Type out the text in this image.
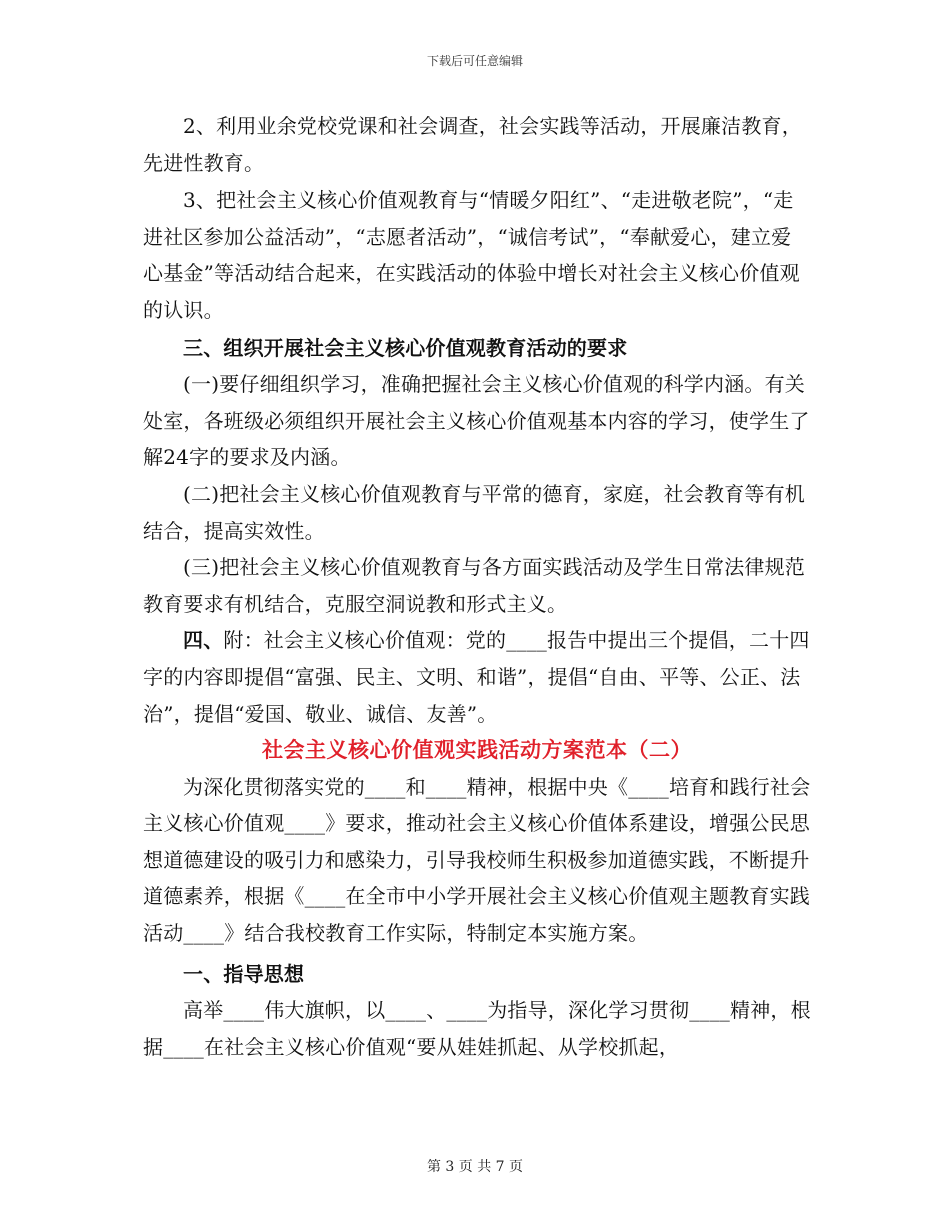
下载后可任意编辑

2、利用业余党校党课和社会调查，社会实践等活动，开展廉洁教育，先进性教育。

3、把社会主义核心价值观教育与“情暖夕阳红”、“走进敬老院”，“走进社区参加公益活动”，“志愿者活动”，“诚信考试”，“奉献爱心，建立爱心基金”等活动结合起来，在实践活动的体验中增长对社会主义核心价值观的认识。

三、组织开展社会主义核心价值观教育活动的要求

(一)要仔细组织学习，准确把握社会主义核心价值观的科学内涵。有关处室，各班级必须组织开展社会主义核心价值观基本内容的学习，使学生了解24字的要求及内涵。

(二)把社会主义核心价值观教育与平常的德育，家庭，社会教育等有机结合，提高实效性。

(三)把社会主义核心价值观教育与各方面实践活动及学生日常法律规范教育要求有机结合，克服空洞说教和形式主义。

四、附：社会主义核心价值观：党的____报告中提出三个提倡，二十四字的内容即提倡“富强、民主、文明、和谐”，提倡“自由、平等、公正、法治”，提倡“爱国、敬业、诚信、友善”。

社会主义核心价值观实践活动方案范本（二）

为深化贯彻落实党的____和____精神，根据中央《____培育和践行社会主义核心价值观____》要求，推动社会主义核心价值体系建设，增强公民思想道德建设的吸引力和感染力，引导我校师生积极参加道德实践，不断提升道德素养，根据《____在全市中小学开展社会主义核心价值观主题教育实践活动____》结合我校教育工作实际，特制定本实施方案。

一、指导思想

高举____伟大旗帜，以____、____为指导，深化学习贯彻____精神，根据____在社会主义核心价值观“要从娃娃抓起、从学校抓起，

第 3 页 共 7 页
